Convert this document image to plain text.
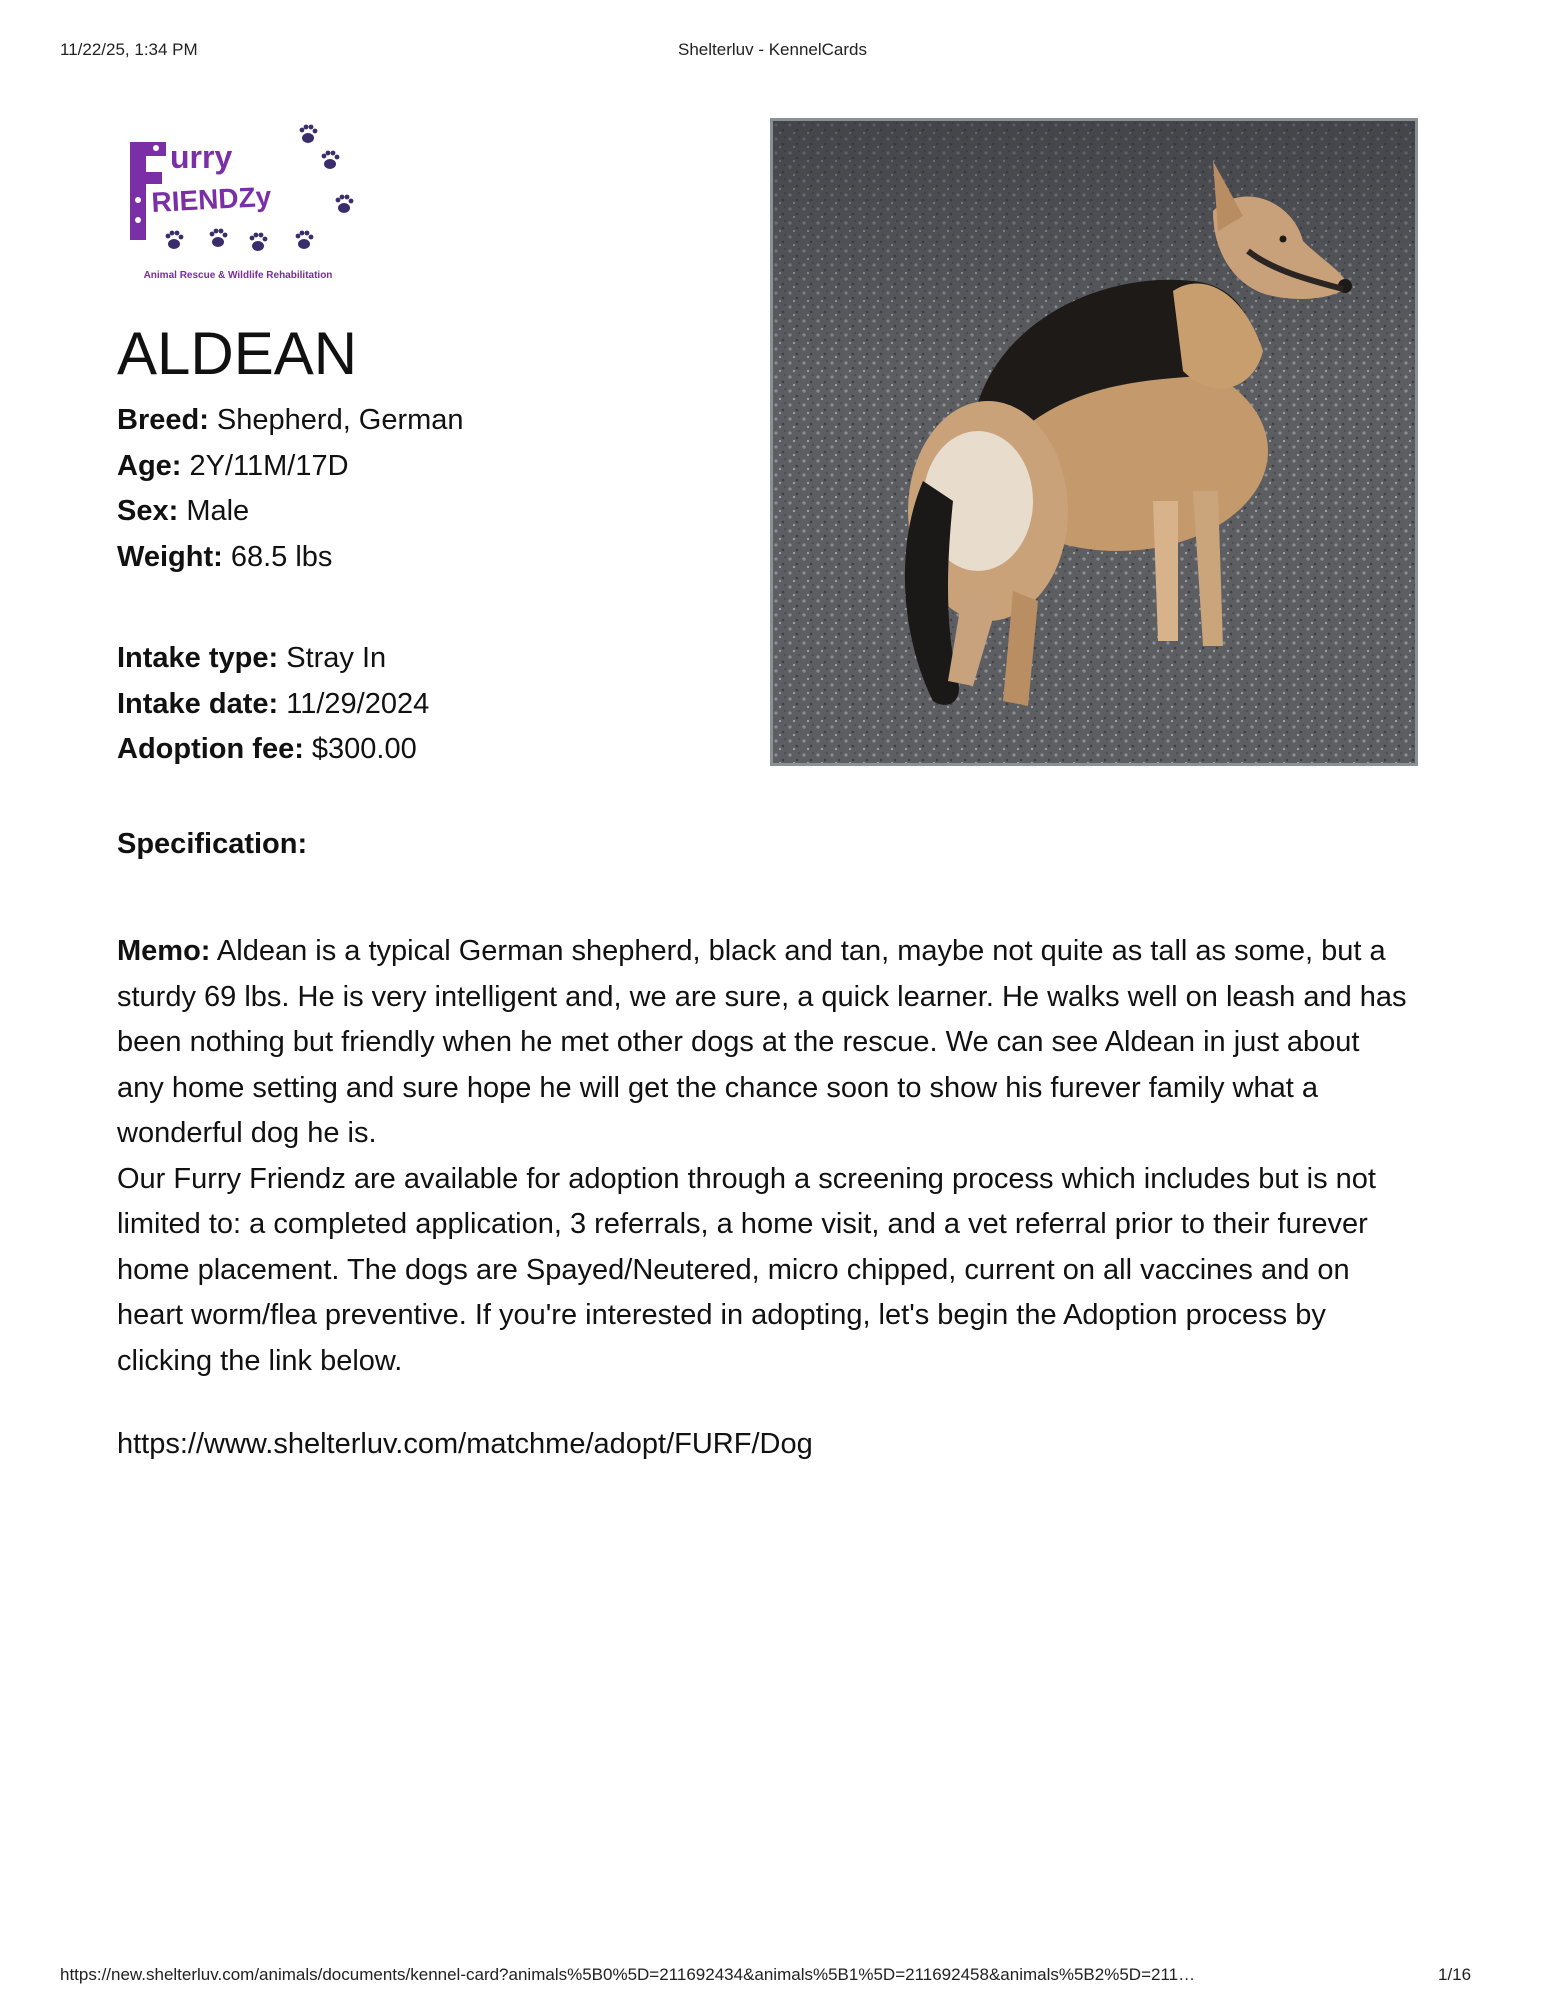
11/22/25, 1:34 PM	Shelterluv - KennelCards
urry
RIENDZy
Animal Rescue & Wildlife Rehabilitation
ALDEAN
Breed: Shepherd, German
Age: 2Y/11M/17D
Sex: Male
Weight: 68.5 lbs
Intake type: Stray In
Intake date: 11/29/2024
Adoption fee: $300.00
Specification:

Memo: Aldean is a typical German shepherd, black and tan, maybe not quite as tall as some, but a sturdy 69 lbs. He is very intelligent and, we are sure, a quick learner. He walks well on leash and has been nothing but friendly when he met other dogs at the rescue. We can see Aldean in just about any home setting and sure hope he will get the chance soon to show his furever family what a wonderful dog he is.

Our Furry Friendz are available for adoption through a screening process which includes but is not limited to: a completed application, 3 referrals, a home visit, and a vet referral prior to their furever home placement. The dogs are Spayed/Neutered, micro chipped, current on all vaccines and on heart worm/flea preventive. If you're interested in adopting, let's begin the Adoption process by clicking the link below.

https://www.shelterluv.com/matchme/adopt/FURF/Dog
https://new.shelterluv.com/animals/documents/kennel-card?animals%5B0%5D=211692434&animals%5B1%5D=211692458&animals%5B2%5D=211…	1/16
